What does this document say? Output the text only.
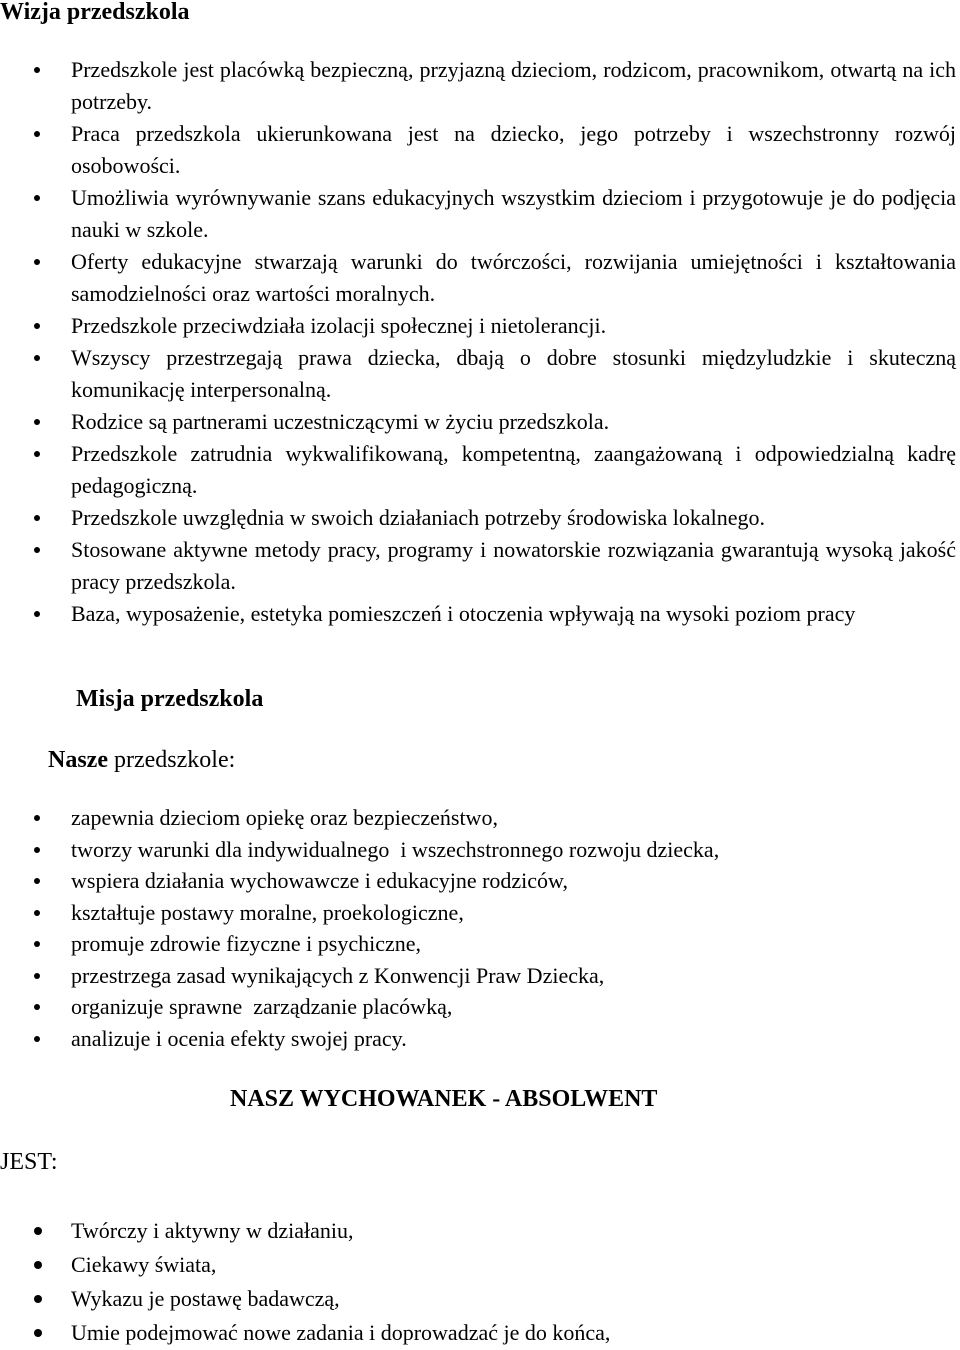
Wizja przedszkola
Przedszkole jest placówką bezpieczną, przyjazną dzieciom, rodzicom, pracownikom, otwartą na ich potrzeby.
Praca przedszkola ukierunkowana jest na dziecko, jego potrzeby i wszechstronny rozwój osobowości.
Umożliwia wyrównywanie szans edukacyjnych wszystkim dzieciom i przygotowuje je do podjęcia nauki w szkole.
Oferty edukacyjne stwarzają warunki do twórczości, rozwijania umiejętności i kształtowania samodzielności oraz wartości moralnych.
Przedszkole przeciwdziała izolacji społecznej i nietolerancji.
Wszyscy przestrzegają prawa dziecka, dbają o dobre stosunki międzyludzkie i skuteczną komunikację interpersonalną.
Rodzice są partnerami uczestniczącymi w życiu przedszkola.
Przedszkole zatrudnia wykwalifikowaną, kompetentną, zaangażowaną i odpowiedzialną kadrę pedagogiczną.
Przedszkole uwzględnia w swoich działaniach potrzeby środowiska lokalnego.
Stosowane aktywne metody pracy, programy i nowatorskie rozwiązania gwarantują wysoką jakość pracy przedszkola.
Baza, wyposażenie, estetyka pomieszczeń i otoczenia wpływają na wysoki poziom pracy
Misja przedszkola
Nasze przedszkole:
zapewnia dzieciom opiekę oraz bezpieczeństwo,
tworzy warunki dla indywidualnego  i wszechstronnego rozwoju dziecka,
wspiera działania wychowawcze i edukacyjne rodziców,
kształtuje postawy moralne, proekologiczne,
promuje zdrowie fizyczne i psychiczne,
przestrzega zasad wynikających z Konwencji Praw Dziecka,
organizuje sprawne  zarządzanie placówką,
analizuje i ocenia efekty swojej pracy.
NASZ WYCHOWANEK - ABSOLWENT
JEST:
Twórczy i aktywny w działaniu,
Ciekawy świata,
Wykazu je postawę badawczą,
Umie podejmować nowe zadania i doprowadzać je do końca,
